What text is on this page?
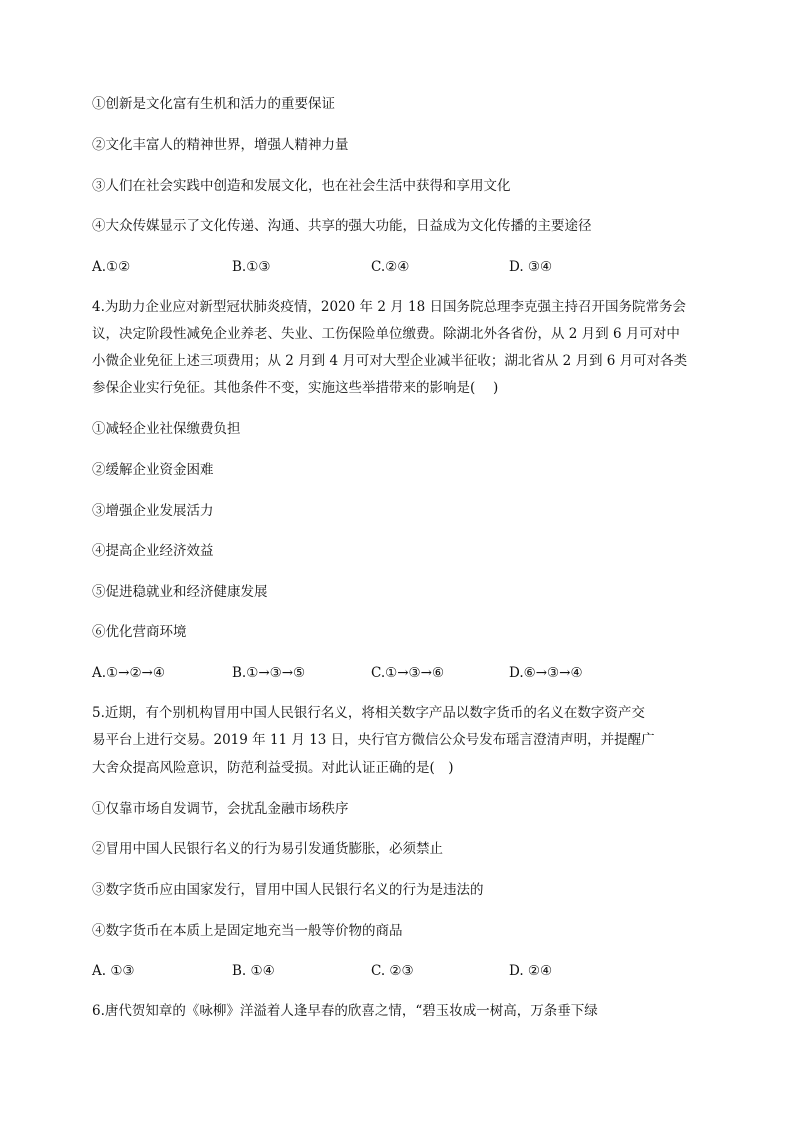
①创新是文化富有生机和活力的重要保证
②文化丰富人的精神世界，增强人精神力量
③人们在社会实践中创造和发展文化，也在社会生活中获得和享用文化
④大众传媒显示了文化传递、沟通、共享的强大功能，日益成为文化传播的主要途径
A.①②	B.①③	C.②④	D. ③④
4.为助力企业应对新型冠状肺炎疫情，2020 年 2 月 18 日国务院总理李克强主持召开国务院常务会
议，决定阶段性减免企业养老、失业、工伤保险单位缴费。除湖北外各省份，从 2 月到 6 月可对中
小微企业免征上述三项费用；从 2 月到 4 月可对大型企业减半征收；湖北省从 2 月到 6 月可对各类
参保企业实行免征。其他条件不变，实施这些举措带来的影响是(　 )
①减轻企业社保缴费负担
②缓解企业资金困难
③增强企业发展活力
④提高企业经济效益
⑤促进稳就业和经济健康发展
⑥优化营商环境
A.①→②→④	B.①→③→⑤	C.①→③→⑥	D.⑥→③→④
5.近期，有个别机构冒用中国人民银行名义，将相关数字产品以数字货币的名义在数字资产交
易平台上进行交易。2019 年 11 月 13 日，央行官方微信公众号发布瑶言澄清声明，并提醒广
大舍众提高风险意识，防范利益受损。对此认证正确的是(　)
①仅靠市场自发调节，会扰乱金融市场秩序
②冒用中国人民银行名义的行为易引发通货膨胀，必须禁止
③数字货币应由国家发行，冒用中国人民银行名义的行为是违法的
④数字货币在本质上是固定地充当一般等价物的商品
A. ①③	B. ①④	C. ②③	D. ②④
6.唐代贺知章的《咏柳》洋溢着人逢早春的欣喜之情，“碧玉妆成一树高，万条垂下绿
